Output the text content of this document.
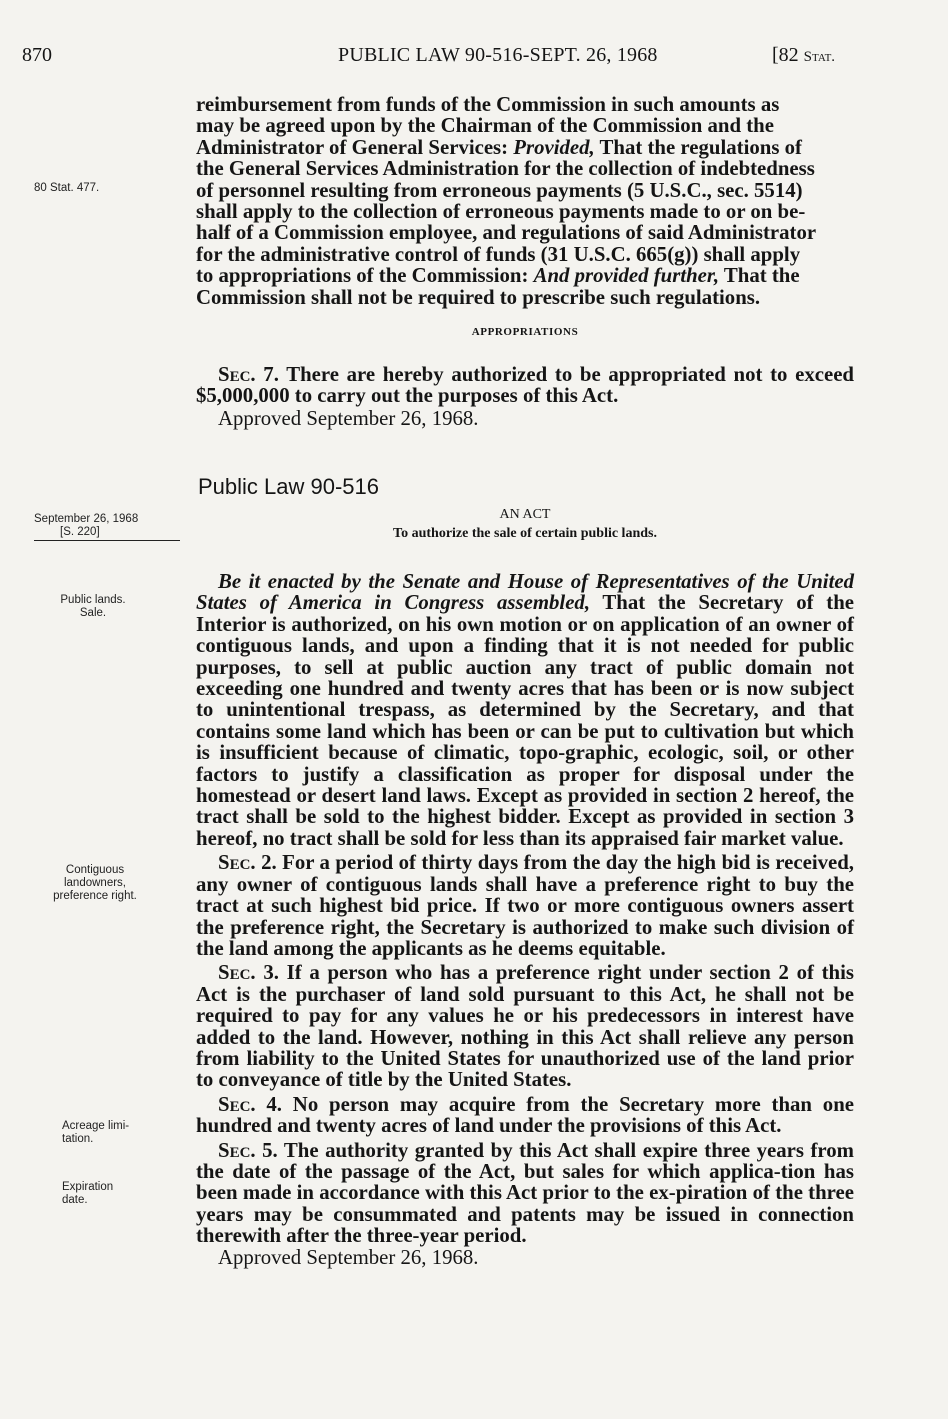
870	PUBLIC LAW 90-516-SEPT. 26, 1968	[82 Stat.

reimbursement from funds of the Commission in such amounts as

may be agreed upon by the Chairman of the Commission and the

Administrator of General Services: Provided, That the regulations of

the General Services Administration for the collection of indebtedness

of personnel resulting from erroneous payments (5 U.S.C., sec. 5514)

shall apply to the collection of erroneous payments made to or on be-

half of a Commission employee, and regulations of said Administrator

for the administrative control of funds (31 U.S.C. 665(g)) shall apply

to appropriations of the Commission: And provided further, That the

Commission shall not be required to prescribe such regulations.

80 Stat. 477.
APPROPRIATIONS

Sec. 7. There are hereby authorized to be appropriated not to exceed $5,000,000 to carry out the purposes of this Act.

Approved September 26, 1968.

Public Law 90-516
September 26, 1968
[S. 220]
AN ACT
To authorize the sale of certain public lands.
Public lands.
Sale.

Be it enacted by the Senate and House of Representatives of the United States of America in Congress assembled, That the Secretary of the Interior is authorized, on his own motion or on application of an owner of contiguous lands, and upon a finding that it is not needed for public purposes, to sell at public auction any tract of public domain not exceeding one hundred and twenty acres that has been or is now subject to unintentional trespass, as determined by the Secretary, and that contains some land which has been or can be put to cultivation but which is insufficient because of climatic, topo-graphic, ecologic, soil, or other factors to justify a classification as proper for disposal under the homestead or desert land laws. Except as provided in section 2 hereof, the tract shall be sold to the highest bidder. Except as provided in section 3 hereof, no tract shall be sold for less than its appraised fair market value.

Sec. 2. For a period of thirty days from the day the high bid is received, any owner of contiguous lands shall have a preference right to buy the tract at such highest bid price. If two or more contiguous owners assert the preference right, the Secretary is authorized to make such division of the land among the applicants as he deems equitable.

Sec. 3. If a person who has a preference right under section 2 of this Act is the purchaser of land sold pursuant to this Act, he shall not be required to pay for any values he or his predecessors in interest have added to the land. However, nothing in this Act shall relieve any person from liability to the United States for unauthorized use of the land prior to conveyance of title by the United States.

Sec. 4. No person may acquire from the Secretary more than one hundred and twenty acres of land under the provisions of this Act.

Sec. 5. The authority granted by this Act shall expire three years from the date of the passage of the Act, but sales for which applica-tion has been made in accordance with this Act prior to the ex-piration of the three years may be consummated and patents may be issued in connection therewith after the three-year period.

Approved September 26, 1968.

Contiguous
landowners,
preference right.
Acreage limi-
tation.
Expiration
date.
